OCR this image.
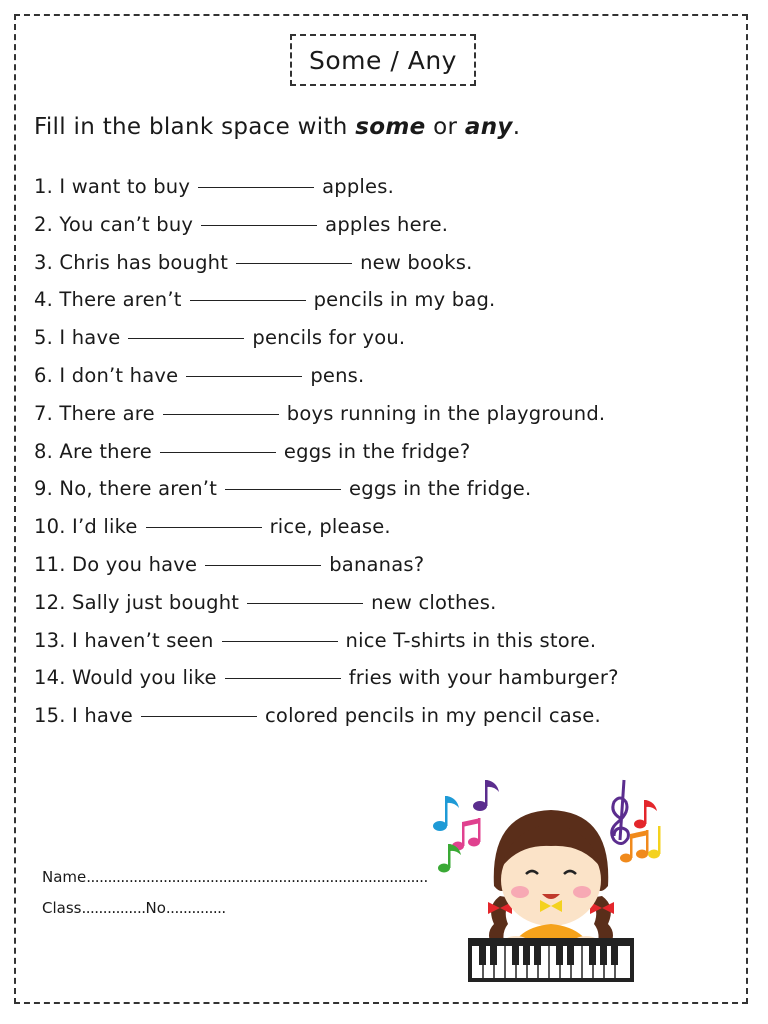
Some / Any
Fill in the blank space with some or any.
1. I want to buy	apples.
2. You can’t buy	apples here.
3. Chris has bought	new books.
4. There aren’t	pencils in my bag.
5. I have	pencils for you.
6. I don’t have	pens.
7. There are	boys running in the playground.
8. Are there	eggs in the fridge?
9. No, there aren’t	eggs in the fridge.
10. I’d like	rice, please.
11. Do you have	bananas?
12. Sally just bought	new clothes.
13. I haven’t seen	nice T-shirts in this store.
14. Would you like	fries with your hamburger?
15. I have	colored pencils in my pencil case.
Name................................................................................
Class...............No..............
